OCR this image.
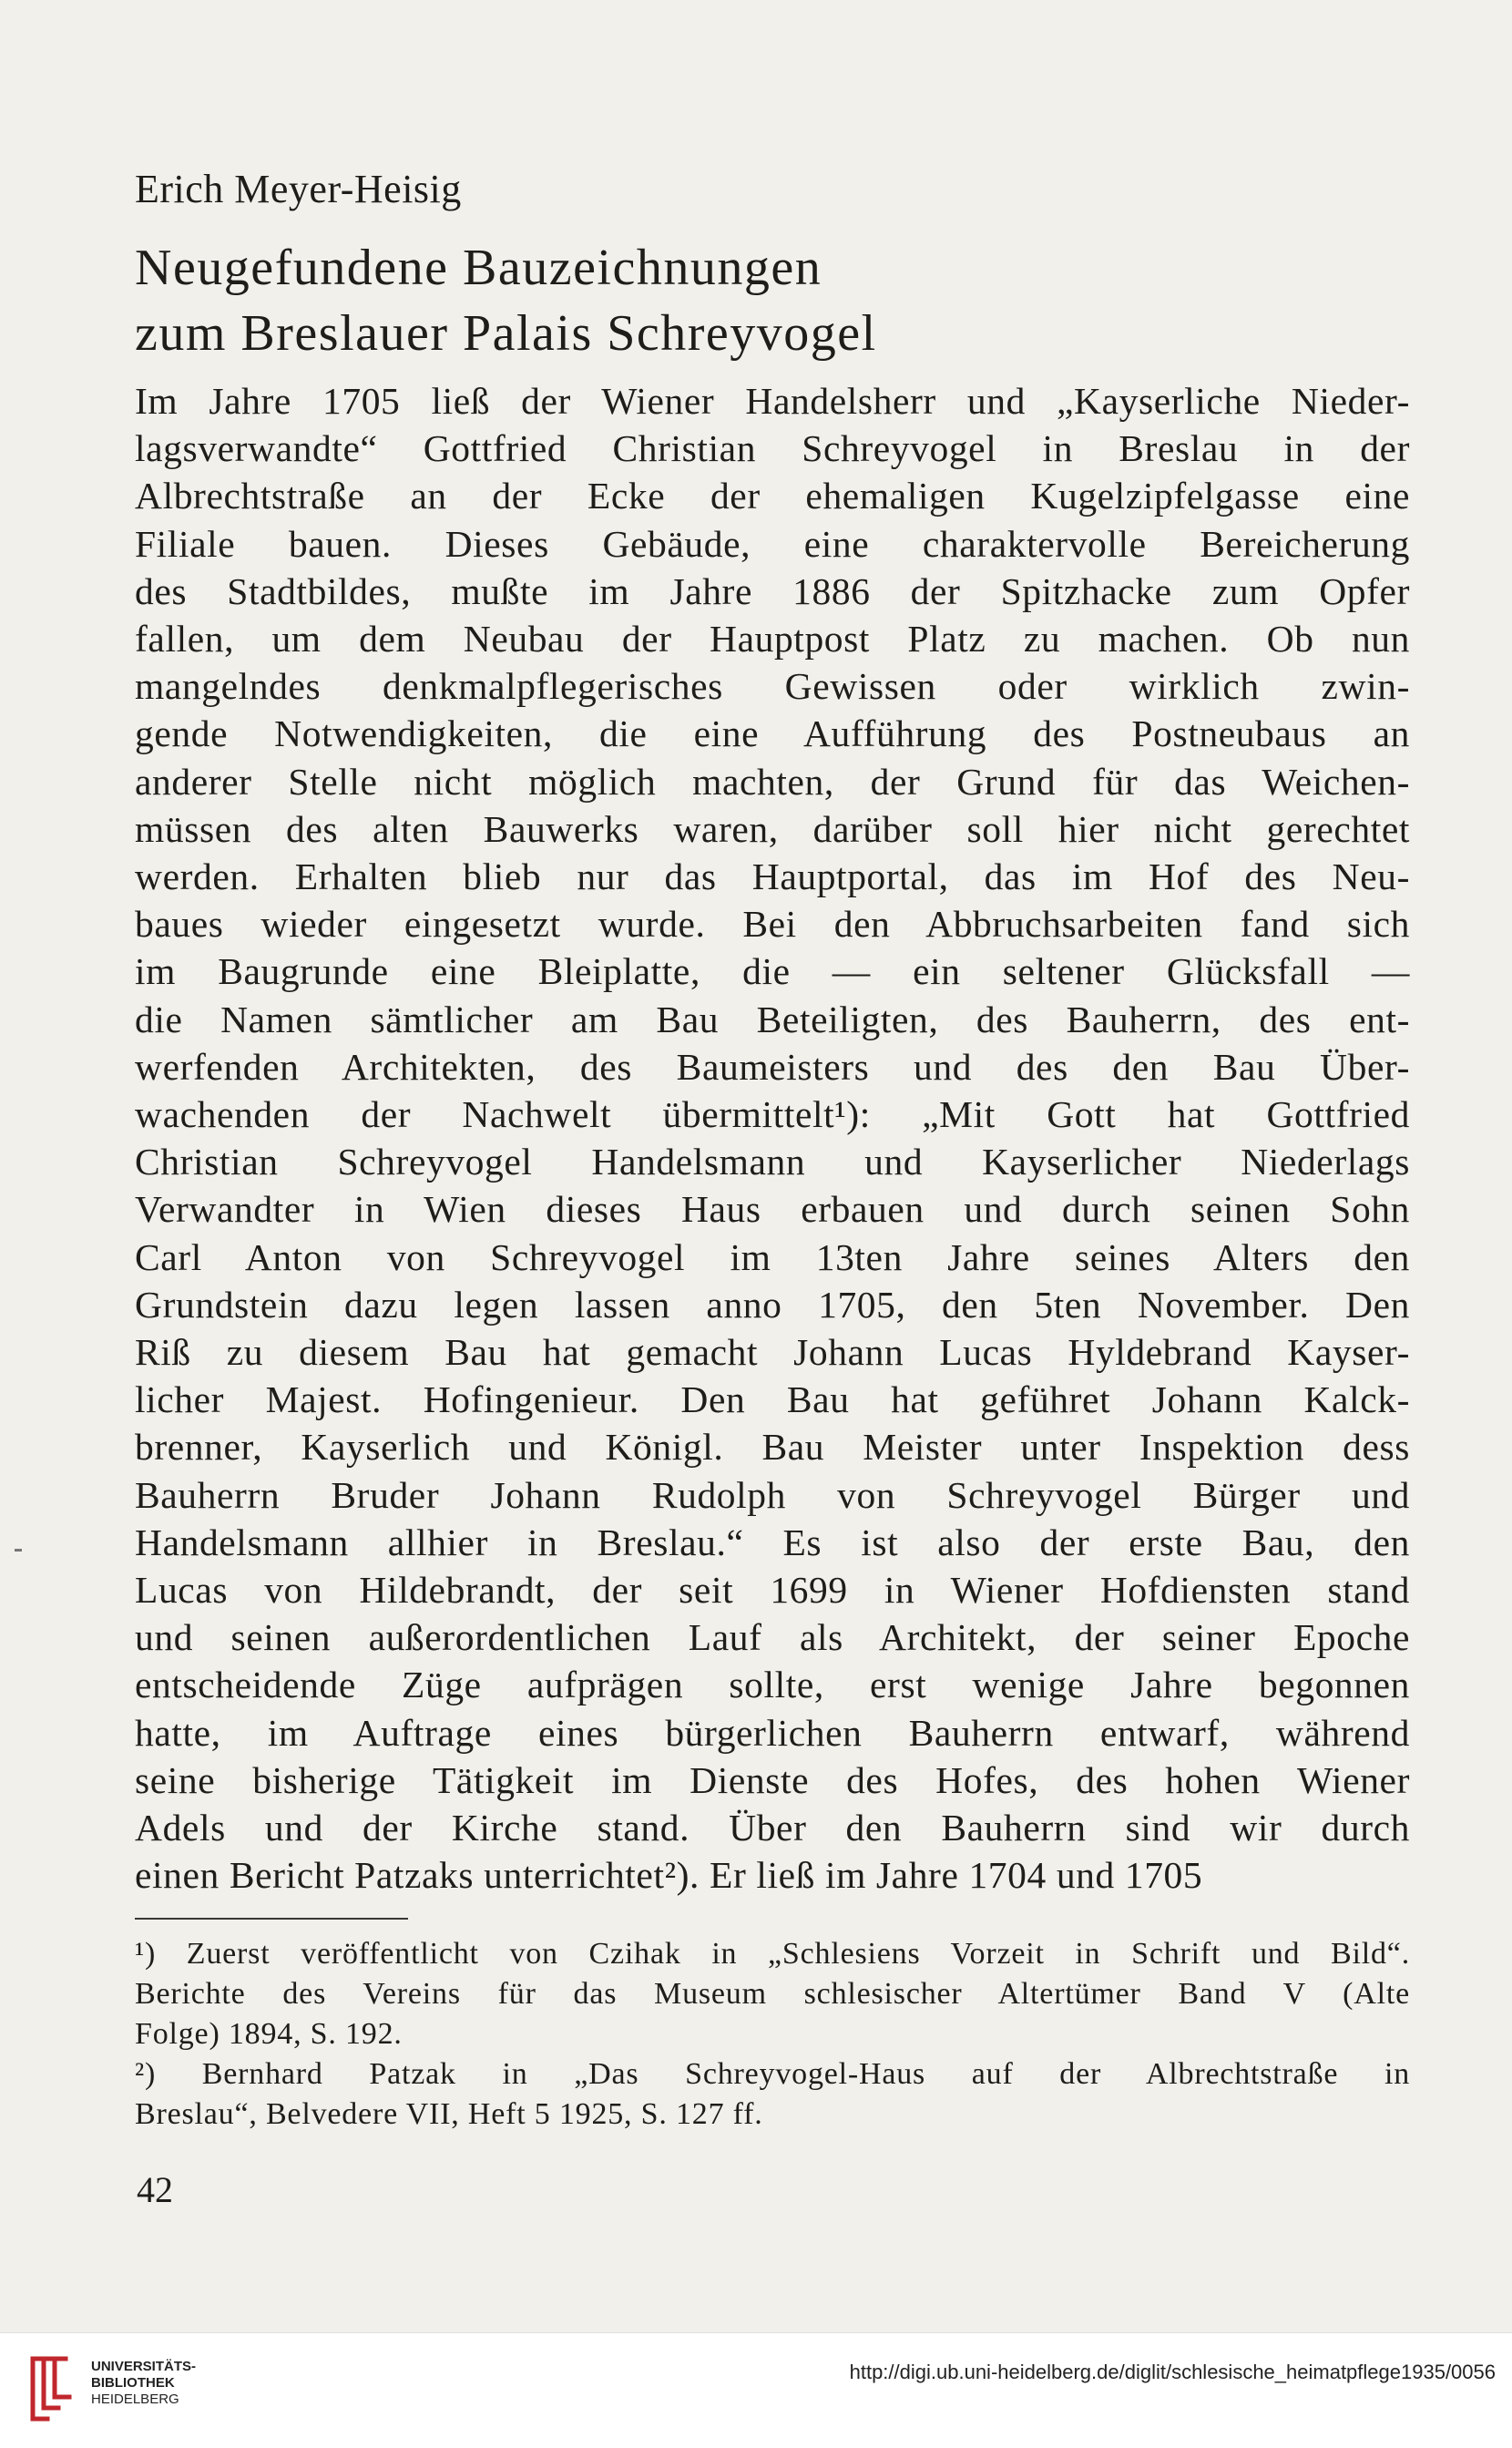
Erich Meyer-Heisig
Neugefundene Bauzeichnungen
zum Breslauer Palais Schreyvogel
Im Jahre 1705 ließ der Wiener Handelsherr und „Kayserliche Nieder-
lagsverwandte“ Gottfried Christian Schreyvogel in Breslau in der
Albrechtstraße an der Ecke der ehemaligen Kugelzipfelgasse eine
Filiale bauen. Dieses Gebäude, eine charaktervolle Bereicherung
des Stadtbildes, mußte im Jahre 1886 der Spitzhacke zum Opfer
fallen, um dem Neubau der Hauptpost Platz zu machen. Ob nun
mangelndes denkmalpflegerisches Gewissen oder wirklich zwin-
gende Notwendigkeiten, die eine Aufführung des Postneubaus an
anderer Stelle nicht möglich machten, der Grund für das Weichen-
müssen des alten Bauwerks waren, darüber soll hier nicht gerechtet
werden. Erhalten blieb nur das Hauptportal, das im Hof des Neu-
baues wieder eingesetzt wurde. Bei den Abbruchsarbeiten fand sich
im Baugrunde eine Bleiplatte, die — ein seltener Glücksfall —
die Namen sämtlicher am Bau Beteiligten, des Bauherrn, des ent-
werfenden Architekten, des Baumeisters und des den Bau Über-
wachenden der Nachwelt übermittelt¹): „Mit Gott hat Gottfried
Christian Schreyvogel Handelsmann und Kayserlicher Niederlags
Verwandter in Wien dieses Haus erbauen und durch seinen Sohn
Carl Anton von Schreyvogel im 13ten Jahre seines Alters den
Grundstein dazu legen lassen anno 1705, den 5ten November. Den
Riß zu diesem Bau hat gemacht Johann Lucas Hyldebrand Kayser-
licher Majest. Hofingenieur. Den Bau hat geführet Johann Kalck-
brenner, Kayserlich und Königl. Bau Meister unter Inspektion dess
Bauherrn Bruder Johann Rudolph von Schreyvogel Bürger und
Handelsmann allhier in Breslau.“ Es ist also der erste Bau, den
Lucas von Hildebrandt, der seit 1699 in Wiener Hofdiensten stand
und seinen außerordentlichen Lauf als Architekt, der seiner Epoche
entscheidende Züge aufprägen sollte, erst wenige Jahre begonnen
hatte, im Auftrage eines bürgerlichen Bauherrn entwarf, während
seine bisherige Tätigkeit im Dienste des Hofes, des hohen Wiener
Adels und der Kirche stand. Über den Bauherrn sind wir durch
einen Bericht Patzaks unterrichtet²). Er ließ im Jahre 1704 und 1705
¹) Zuerst veröffentlicht von Czihak in „Schlesiens Vorzeit in Schrift und Bild“.
Berichte des Vereins für das Museum schlesischer Altertümer Band V (Alte
Folge) 1894, S. 192.
²) Bernhard Patzak in „Das Schreyvogel-Haus auf der Albrechtstraße in
Breslau“, Belvedere VII, Heft 5 1925, S. 127 ff.
42
UNIVERSITÄTS-
BIBLIOTHEK
HEIDELBERG
http://digi.ub.uni-heidelberg.de/diglit/schlesische_heimatpflege1935/0056
